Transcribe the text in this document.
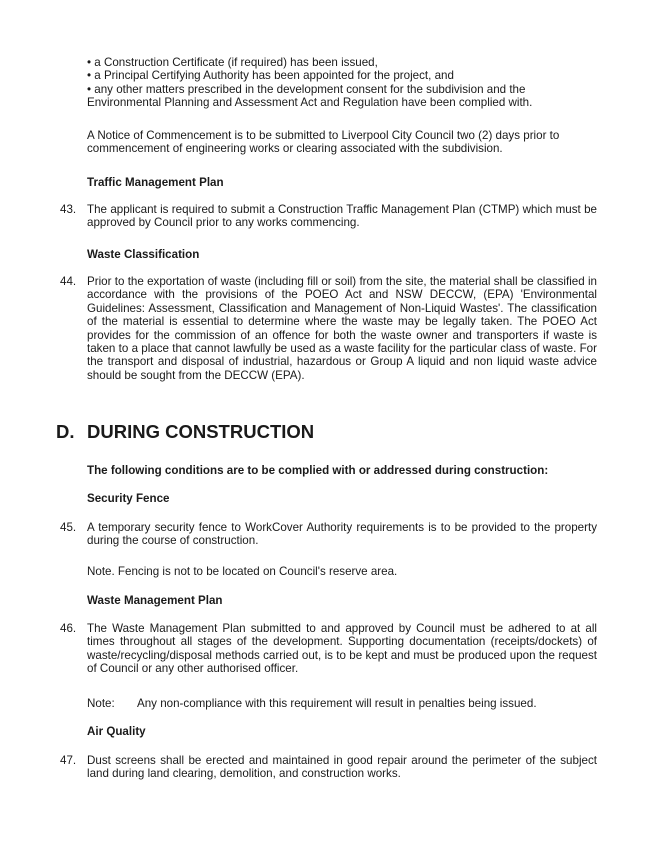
• a Construction Certificate (if required) has been issued,

• a Principal Certifying Authority has been appointed for the project, and

• any other matters prescribed in the development consent for the subdivision and the Environmental Planning and Assessment Act and Regulation have been complied with.

A Notice of Commencement is to be submitted to Liverpool City Council two (2) days prior to commencement of engineering works or clearing associated with the subdivision.

Traffic Management Plan
43. The applicant is required to submit a Construction Traffic Management Plan (CTMP) which must be approved by Council prior to any works commencing.
Waste Classification
44. Prior to the exportation of waste (including fill or soil) from the site, the material shall be classified in accordance with the provisions of the POEO Act and NSW DECCW, (EPA) 'Environmental Guidelines: Assessment, Classification and Management of Non-Liquid Wastes'. The classification of the material is essential to determine where the waste may be legally taken. The POEO Act provides for the commission of an offence for both the waste owner and transporters if waste is taken to a place that cannot lawfully be used as a waste facility for the particular class of waste. For the transport and disposal of industrial, hazardous or Group A liquid and non liquid waste advice should be sought from the DECCW (EPA).
D. DURING CONSTRUCTION
The following conditions are to be complied with or addressed during construction:
Security Fence
45. A temporary security fence to WorkCover Authority requirements is to be provided to the property during the course of construction.
Note. Fencing is not to be located on Council's reserve area.
Waste Management Plan
46. The Waste Management Plan submitted to and approved by Council must be adhered to at all times throughout all stages of the development. Supporting documentation (receipts/dockets) of waste/recycling/disposal methods carried out, is to be kept and must be produced upon the request of Council or any other authorised officer.
Note: Any non-compliance with this requirement will result in penalties being issued.
Air Quality
47. Dust screens shall be erected and maintained in good repair around the perimeter of the subject land during land clearing, demolition, and construction works.
